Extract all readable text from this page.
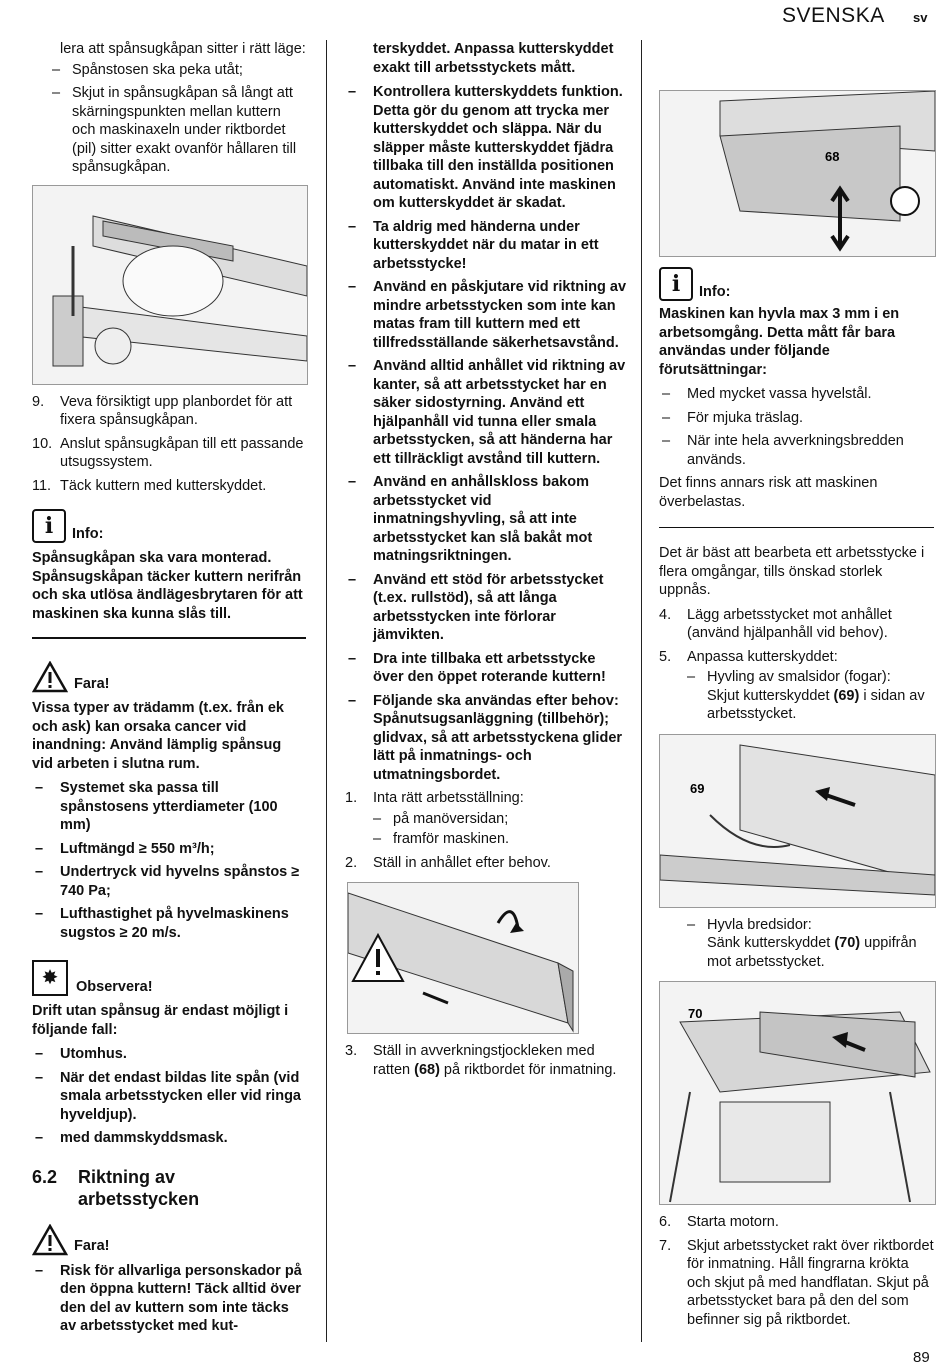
SVENSKA sv

lera att spånsugkåpan sitter i rätt läge:

– Spånstosen ska peka utåt;
– Skjut in spånsugkåpan så långt att skärningspunkten mellan kuttern och maskinaxeln under riktbordet (pil) sitter exakt ovanför hållaren till spånsugkåpan.
9. Veva försiktigt upp planbordet för att fixera spånsugkåpan.
10. Anslut spånsugkåpan till ett passande utsugssystem.
11. Täck kuttern med kutterskyddet.
i	Info:

Spånsugkåpan ska vara monterad. Spånsugskåpan täcker kuttern nerifrån och ska utlösa ändlägesbrytaren för att maskinen ska kunna slås till.

Fara!

Vissa typer av trädamm (t.ex. från ek och ask) kan orsaka cancer vid inandning: Använd lämplig spånsug vid arbeten i slutna rum.

– Systemet ska passa till spånstosens ytterdiameter (100 mm)
– Luftmängd ≥ 550 m³/h;
– Undertryck vid hyvelns spånstos ≥ 740 Pa;
– Lufthastighet på hyvelmaskinens sugstos ≥ 20 m/s.
✸	Observera!

Drift utan spånsug är endast möjligt i följande fall:

– Utomhus.
– När det endast bildas lite spån (vid smala arbetsstycken eller vid ringa hyveldjup).
– med dammskyddsmask.
6.2	Riktning av arbetsstycken
Fara!
– Risk för allvarliga personskador på den öppna kuttern! Täck alltid över den del av kuttern som inte täcks av arbetsstycket med kut-

terskyddet. Anpassa kutterskyddet exakt till arbetsstyckets mått.

– Kontrollera kutterskyddets funktion. Detta gör du genom att trycka mer kutterskyddet och släppa. När du släpper måste kutterskyddet fjädra tillbaka till den inställda positionen automatiskt. Använd inte maskinen om kutterskyddet är skadat.
– Ta aldrig med händerna under kutterskyddet när du matar in ett arbetsstycke!
– Använd en påskjutare vid riktning av mindre arbetsstycken som inte kan matas fram till kuttern med ett tillfredsställande säkerhetsavstånd.
– Använd alltid anhållet vid riktning av kanter, så att arbetsstycket har en säker sidostyrning. Använd ett hjälpanhåll vid tunna eller smala arbetsstycken, så att händerna har ett tillräckligt avstånd till kuttern.
– Använd en anhållskloss bakom arbetsstycket vid inmatningshyvling, så att inte arbetsstycket kan slå bakåt mot matningsriktningen.
– Använd ett stöd för arbetsstycket (t.ex. rullstöd), så att långa arbetsstycken inte förlorar jämvikten.
– Dra inte tillbaka ett arbetsstycke över den öppet roterande kuttern!
– Följande ska användas efter behov: Spånutsugsanläggning (tillbehör); glidvax, så att arbetsstyckena glider lätt på inmatnings- och utmatningsbordet.
1. Inta rätt arbetsställning:
– på manöversidan;
– framför maskinen.
2. Ställ in anhållet efter behov.
3. Ställ in avverkningstjockleken med ratten (68) på riktbordet för inmatning.
68
i	Info:

Maskinen kan hyvla max 3 mm i en arbetsomgång. Detta mått får bara användas under följande förutsättningar:

– Med mycket vassa hyvelstål.
– För mjuka träslag.
– När inte hela avverkningsbredden används.

Det finns annars risk att maskinen överbelastas.

Det är bäst att bearbeta ett arbetsstycke i flera omgångar, tills önskad storlek uppnås.

4. Lägg arbetsstycket mot anhållet (använd hjälpanhåll vid behov).
5. Anpassa kutterskyddet:
– Hyvling av smalsidor (fogar):
Skjut kutterskyddet (69) i sidan av arbetsstycket.
69
– Hyvla bredsidor:
Sänk kutterskyddet (70) uppifrån mot arbetsstycket.
70
6. Starta motorn.
7. Skjut arbetsstycket rakt över riktbordet för inmatning. Håll fingrarna krökta och skjut på med handflatan. Skjut på arbetsstycket bara på den del som befinner sig på riktbordet.
89
